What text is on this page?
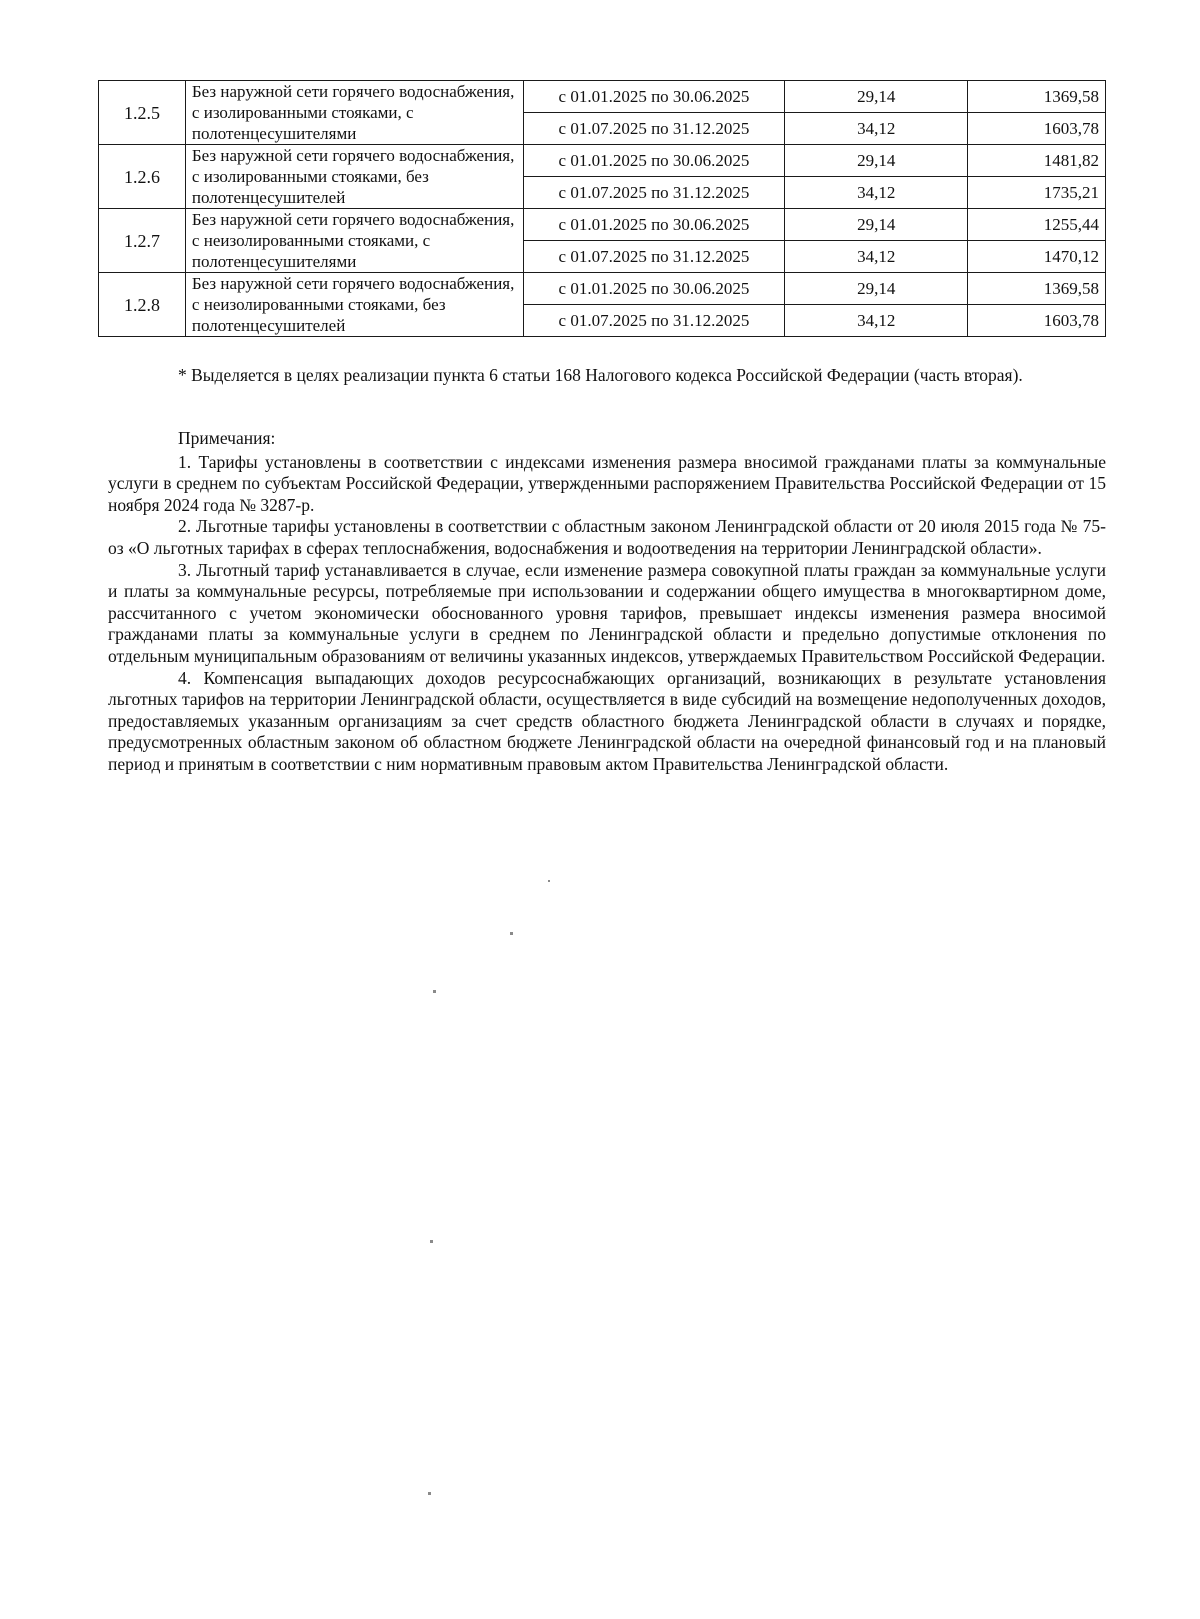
1.2.5	Без наружной сети горячего водоснабжения, с изолированными стояками, с полотенцесушителями	с 01.01.2025 по 30.06.2025	29,14	1369,58
		с 01.07.2025 по 31.12.2025	34,12	1603,78
1.2.6	Без наружной сети горячего водоснабжения, с изолированными стояками, без полотенцесушителей	с 01.01.2025 по 30.06.2025	29,14	1481,82
		с 01.07.2025 по 31.12.2025	34,12	1735,21
1.2.7	Без наружной сети горячего водоснабжения, с неизолированными стояками, с полотенцесушителями	с 01.01.2025 по 30.06.2025	29,14	1255,44
		с 01.07.2025 по 31.12.2025	34,12	1470,12
1.2.8	Без наружной сети горячего водоснабжения, с неизолированными стояками, без полотенцесушителей	с 01.01.2025 по 30.06.2025	29,14	1369,58
		с 01.07.2025 по 31.12.2025	34,12	1603,78
* Выделяется в целях реализации пункта 6 статьи 168 Налогового кодекса Российской Федерации (часть вторая).

Примечания:

1. Тарифы установлены в соответствии с индексами изменения размера вносимой гражданами платы за коммунальные услуги в среднем по субъектам Российской Федерации, утвержденными распоряжением Правительства Российской Федерации от 15 ноября 2024 года № 3287-р.

2. Льготные тарифы установлены в соответствии с областным законом Ленинградской области от 20 июля 2015 года № 75-оз «О льготных тарифах в сферах теплоснабжения, водоснабжения и водоотведения на территории Ленинградской области».

3. Льготный тариф устанавливается в случае, если изменение размера совокупной платы граждан за коммунальные услуги и платы за коммунальные ресурсы, потребляемые при использовании и содержании общего имущества в многоквартирном доме, рассчитанного с учетом экономически обоснованного уровня тарифов, превышает индексы изменения размера вносимой гражданами платы за коммунальные услуги в среднем по Ленинградской области и предельно допустимые отклонения по отдельным муниципальным образованиям от величины указанных индексов, утверждаемых Правительством Российской Федерации.

4. Компенсация выпадающих доходов ресурсоснабжающих организаций, возникающих в результате установления льготных тарифов на территории Ленинградской области, осуществляется в виде субсидий на возмещение недополученных доходов, предоставляемых указанным организациям за счет средств областного бюджета Ленинградской области в случаях и порядке, предусмотренных областным законом об областном бюджете Ленинградской области на очередной финансовый год и на плановый период и принятым в соответствии с ним нормативным правовым актом Правительства Ленинградской области.
